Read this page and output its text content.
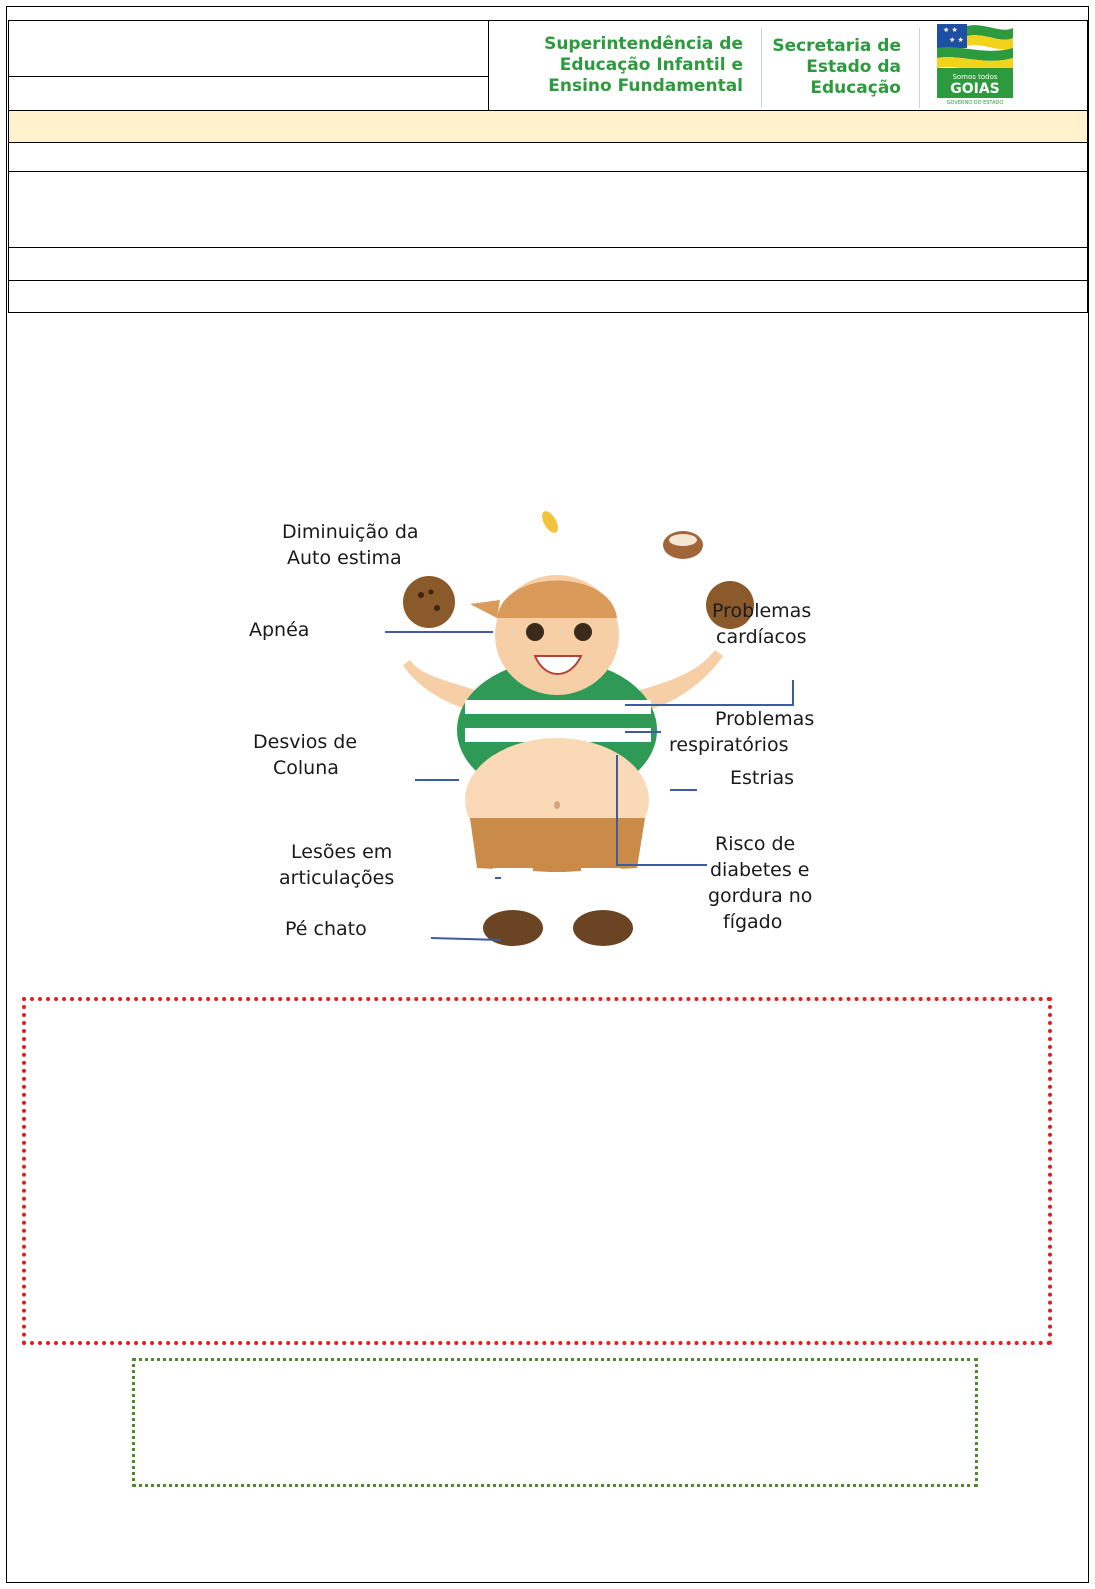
Superintendência de
Educação Infantil e
Ensino Fundamental
Secretaria de
Estado da
Educação
★ ★
★ ★
Somos todos
GOIAS
GOVERNO DO ESTADO
Diminuição da Auto estima
Apnéa
Problemas cardíacos
Problemas respiratórios
Desvios de Coluna	Estrias
Lesões em articulações
Risco de diabetes e gordura no fígado
Pé chato
